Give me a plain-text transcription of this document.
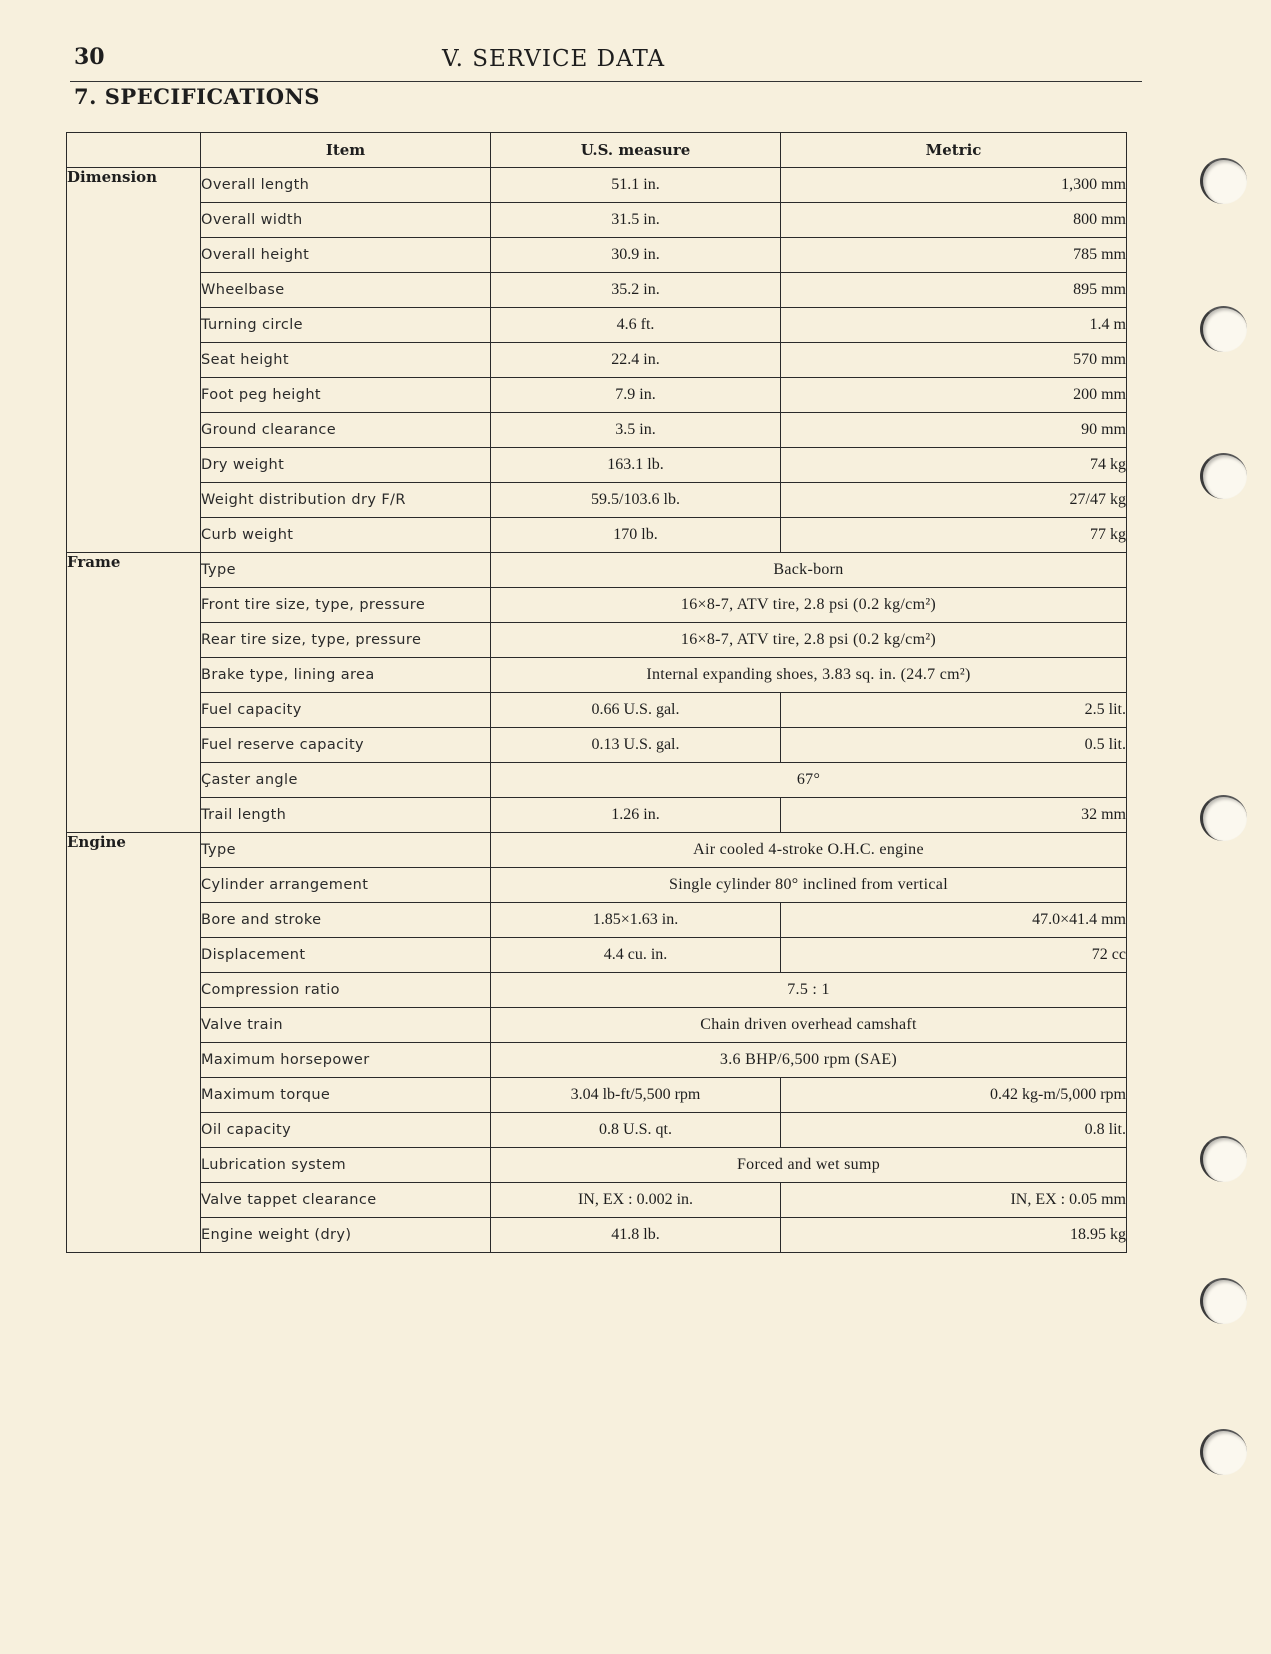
30	V. SERVICE DATA
7. SPECIFICATIONS
	Item	U.S. measure	Metric
Dimension	Overall length	51.1 in.	1,300 mm
	Overall width	31.5 in.	800 mm
	Overall height	30.9 in.	785 mm
	Wheelbase	35.2 in.	895 mm
	Turning circle	4.6 ft.	1.4 m
	Seat height	22.4 in.	570 mm
	Foot peg height	7.9 in.	200 mm
	Ground clearance	3.5 in.	90 mm
	Dry weight	163.1 lb.	74 kg
	Weight distribution dry F/R	59.5/103.6 lb.	27/47 kg
	Curb weight	170 lb.	77 kg
Frame	Type	Back-born	
	Front tire size, type, pressure	16×8-7, ATV tire, 2.8 psi (0.2 kg/cm²)	
	Rear tire size, type, pressure	16×8-7, ATV tire, 2.8 psi (0.2 kg/cm²)	
	Brake type, lining area	Internal expanding shoes, 3.83 sq. in. (24.7 cm²)	
	Fuel capacity	0.66 U.S. gal.	2.5 lit.
	Fuel reserve capacity	0.13 U.S. gal.	0.5 lit.
	Çaster angle	67°	
	Trail length	1.26 in.	32 mm
Engine	Type	Air cooled 4-stroke O.H.C. engine	
	Cylinder arrangement	Single cylinder 80° inclined from vertical	
	Bore and stroke	1.85×1.63 in.	47.0×41.4 mm
	Displacement	4.4 cu. in.	72 cc
	Compression ratio	7.5 : 1	
	Valve train	Chain driven overhead camshaft	
	Maximum horsepower	3.6 BHP/6,500 rpm (SAE)	
	Maximum torque	3.04 lb-ft/5,500 rpm	0.42 kg-m/5,000 rpm
	Oil capacity	0.8 U.S. qt.	0.8 lit.
	Lubrication system	Forced and wet sump	
	Valve tappet clearance	IN, EX : 0.002 in.	IN, EX : 0.05 mm
	Engine weight (dry)	41.8 lb.	18.95 kg
